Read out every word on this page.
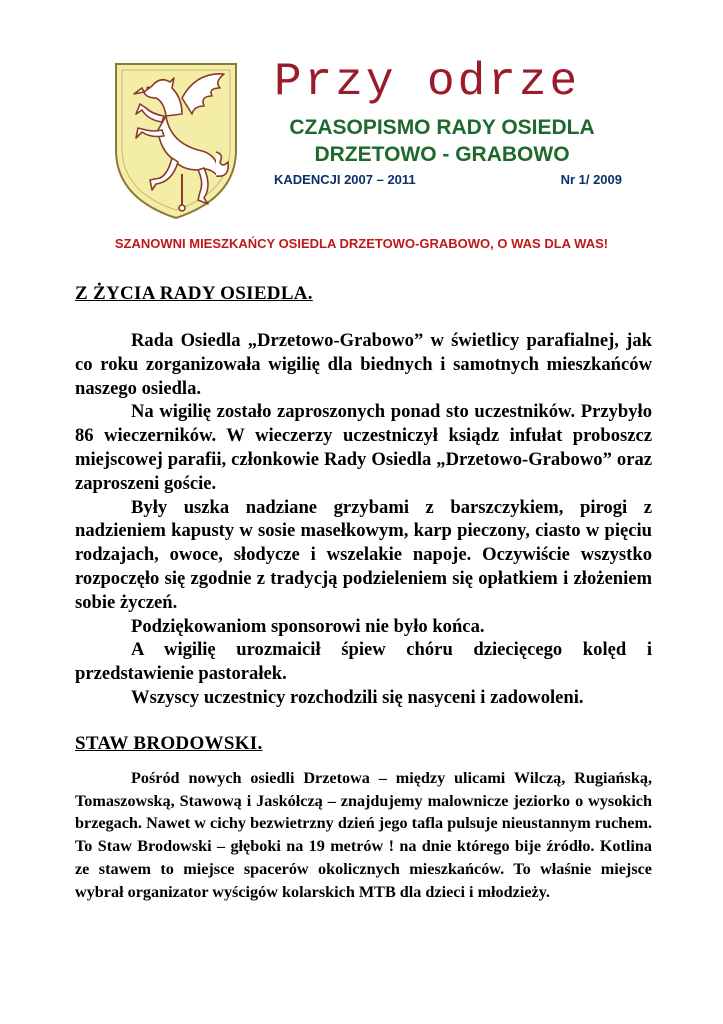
Przy odrze
CZASOPISMO RADY OSIEDLA
DRZETOWO - GRABOWO
KADENCJI 2007 – 2011	Nr 1/ 2009
SZANOWNI MIESZKAŃCY OSIEDLA DRZETOWO-GRABOWO, O WAS DLA WAS!
Z ŻYCIA RADY OSIEDLA.

Rada Osiedla „Drzetowo-Grabowo” w świetlicy parafialnej, jak co roku zorganizowała wigilię dla biednych i samotnych mieszkańców naszego osiedla.

Na wigilię zostało zaproszonych ponad sto uczestników. Przybyło 86 wieczerników. W wieczerzy uczestniczył ksiądz infułat proboszcz miejscowej parafii, członkowie Rady Osiedla „Drzetowo-Grabowo” oraz zaproszeni goście.

Były uszka nadziane grzybami z barszczykiem, pirogi z nadzieniem kapusty w sosie masełkowym, karp pieczony, ciasto w pięciu rodzajach, owoce, słodycze i wszelakie napoje. Oczywiście wszystko rozpoczęło się zgodnie z tradycją podzieleniem się opłatkiem i złożeniem sobie życzeń.

Podziękowaniom sponsorowi nie było końca.

A wigilię urozmaicił śpiew chóru dziecięcego kolęd i przedstawienie pastorałek.

Wszyscy uczestnicy rozchodzili się nasyceni i zadowoleni.

STAW BRODOWSKI.

Pośród nowych osiedli Drzetowa – między ulicami Wilczą, Rugiańską, Tomaszowską, Stawową i Jaskółczą – znajdujemy malownicze jeziorko o wysokich brzegach. Nawet w cichy bezwietrzny dzień jego tafla pulsuje nieustannym ruchem. To Staw Brodowski – głęboki na 19 metrów ! na dnie którego bije źródło. Kotlina ze stawem to miejsce spacerów okolicznych mieszkańców. To właśnie miejsce wybrał organizator wyścigów kolarskich MTB dla dzieci i młodzieży.
